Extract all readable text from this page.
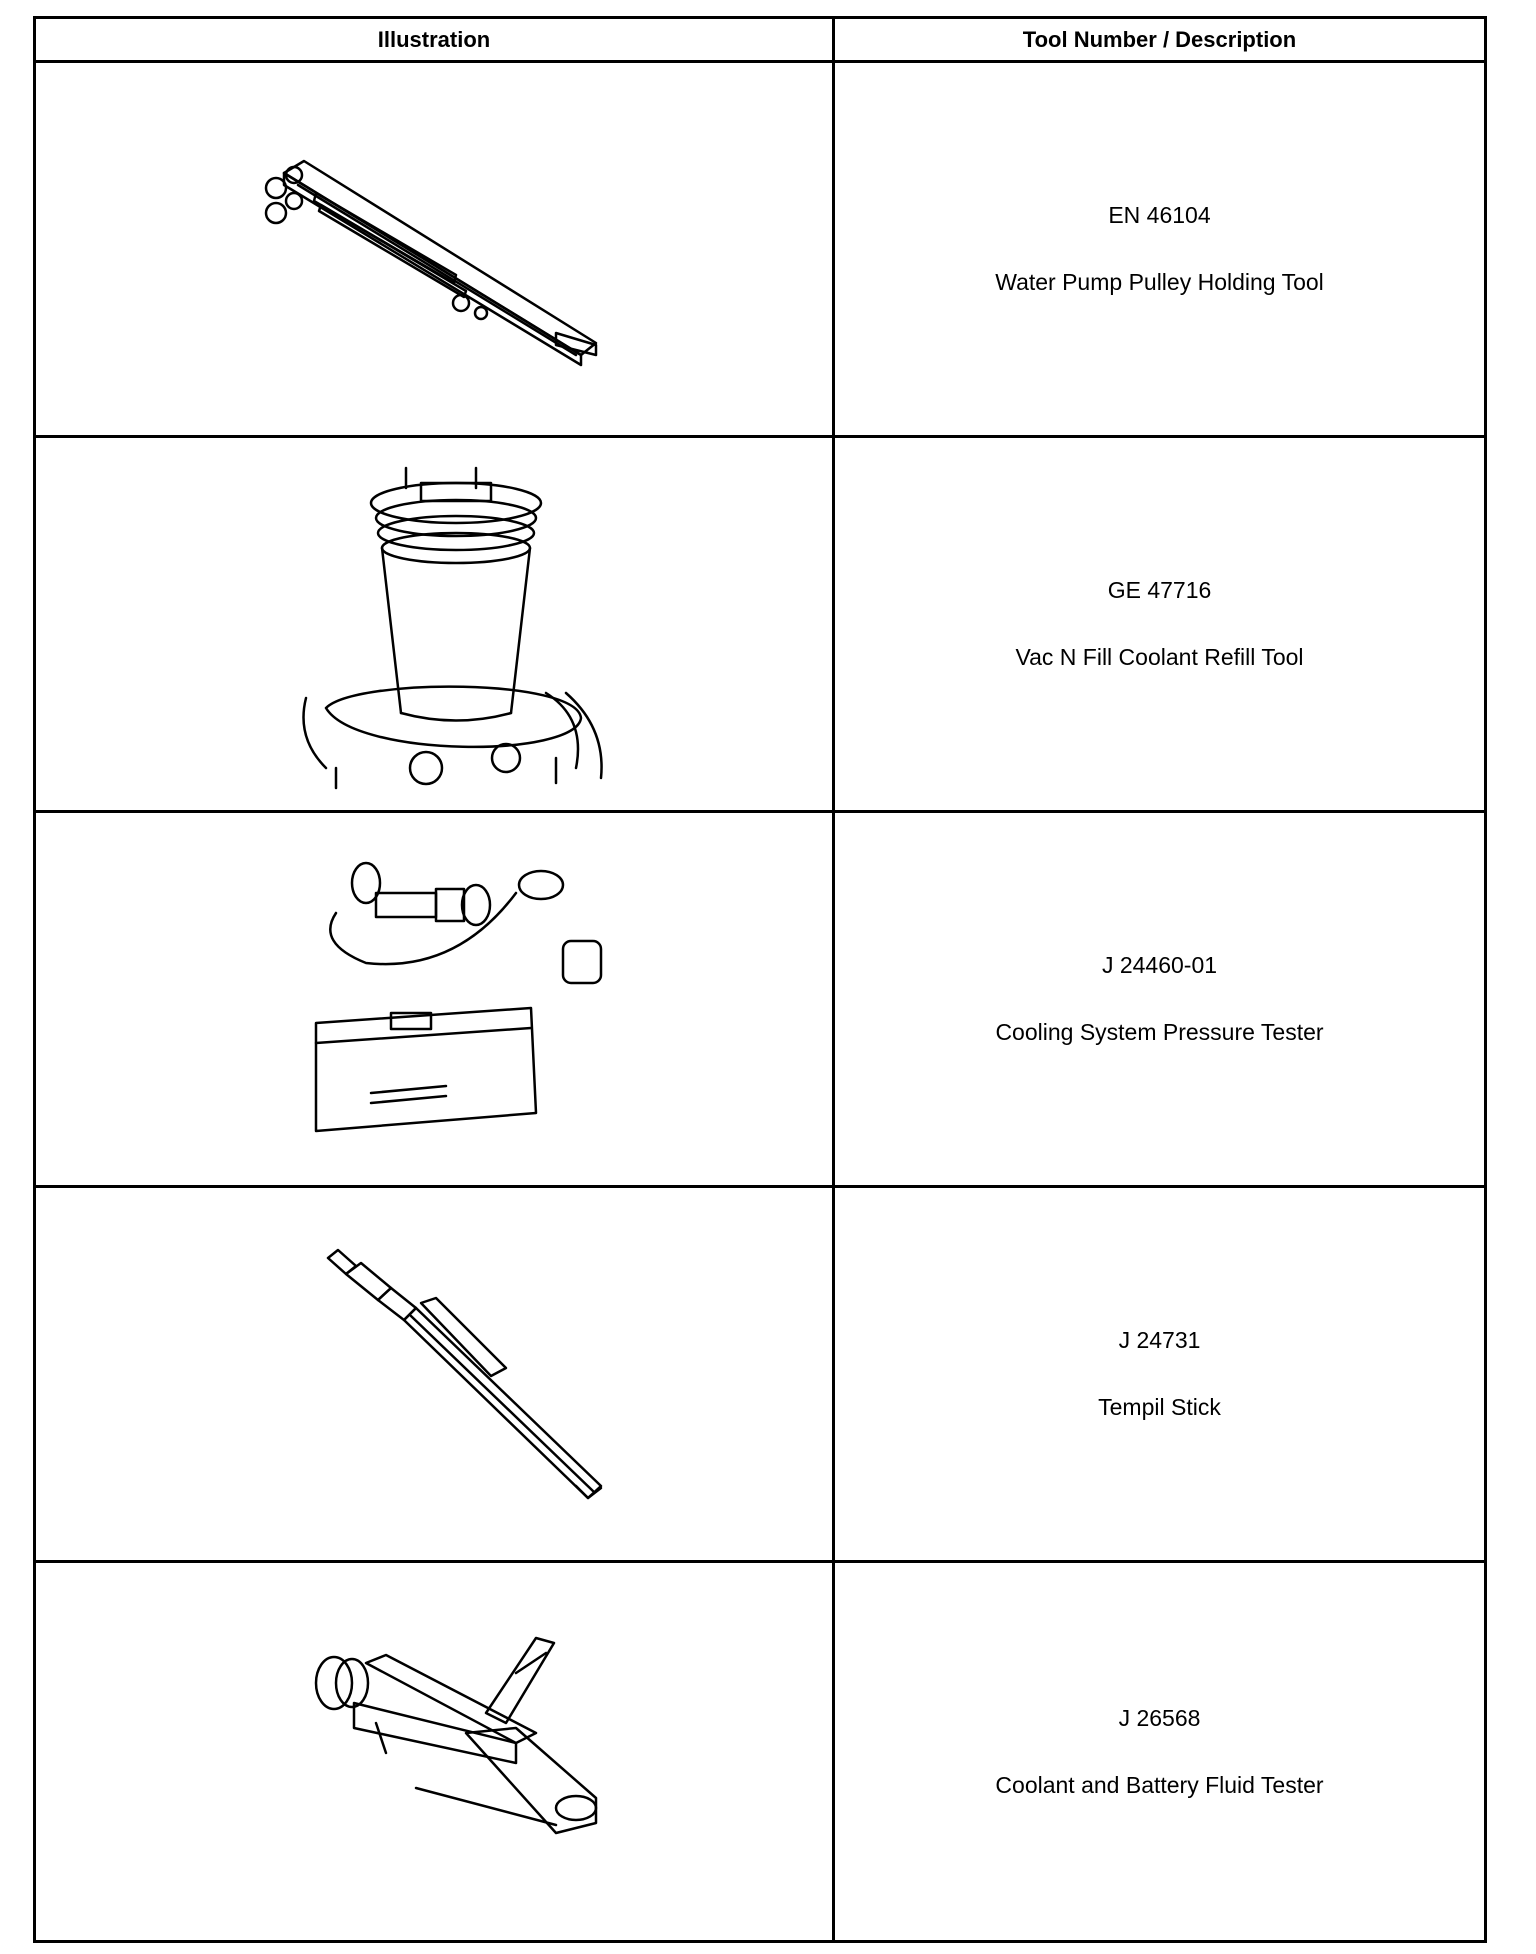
Illustration	Tool Number / Description
EN 46104
Water Pump Pulley Holding Tool
GE 47716
Vac N Fill Coolant Refill Tool
J 24460-01
Cooling System Pressure Tester
J 24731
Tempil Stick
J 26568
Coolant and Battery Fluid Tester
